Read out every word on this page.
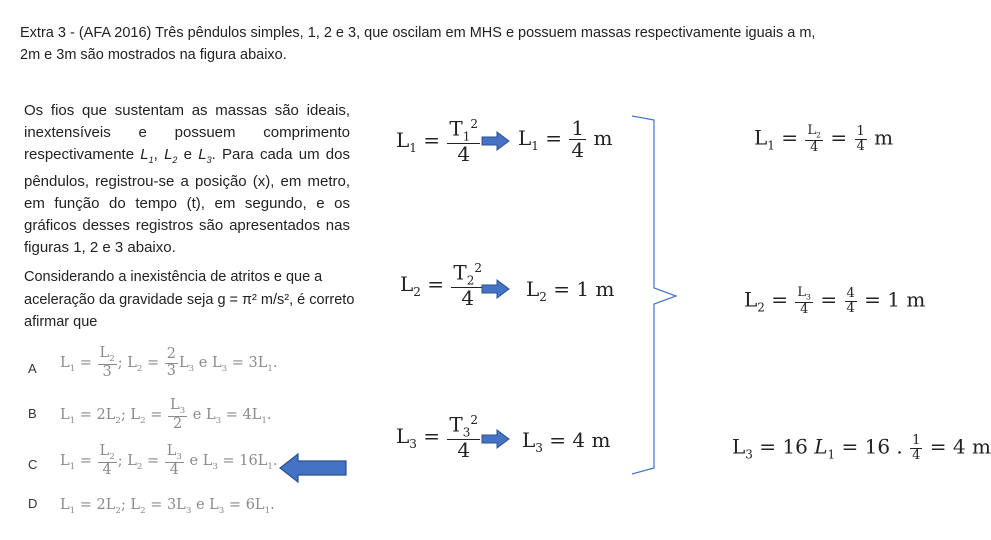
Extra 3 - (AFA 2016) Três pêndulos simples, 1, 2 e 3, que oscilam em MHS e possuem massas respectivamente iguais a m,
2m e 3m são mostrados na figura abaixo.
Os fios que sustentam as massas são ideais, inextensíveis e possuem comprimento respectivamente $L_1$, $L_2$ e $L_3$. Para cada um dos pêndulos, registrou-se a posição (x), em metro, em função do tempo (t), em segundo, e os gráficos desses registros são apresentados nas figuras 1, 2 e 3 abaixo.
Considerando a inexistência de atritos e que a aceleração da gravidade seja g = π² m/s², é correto afirmar que
A $L_1 = \frac{L_2}{3}$ ; $L_2 = \frac{2}{3} L_3$ e $L_3 = 3L_1$.
B $L_1 = 2L_2$; $L_2 = \frac{L_3}{2}$ e $L_3 = 4L_1$.
C $L_1 = \frac{L_2}{4}$ ; $L_2 = \frac{L_3}{4}$ e $L_3 = 16L_1$.
D $L_1 = 2L_2$; $L_2 = 3L_3$ e $L_3 = 6L_1$.
$L_1 = \frac{T_1^2}{4} L_1 = \frac{1}{4}$ m
$L_2 = \frac{T_2^2}{4} L_2 = 1$ m
$L_3 = \frac{T_3^2}{4} L_3 = 4$ m
$L_1 = \frac{L_2}{4} = \frac{1}{4}$ m
$L_2 = \frac{L_3}{4} = \frac{4}{4} = 1$ m
$L_3 = 16$ $L_1 = 16$ . $\frac{1}{4} = 4$ m
